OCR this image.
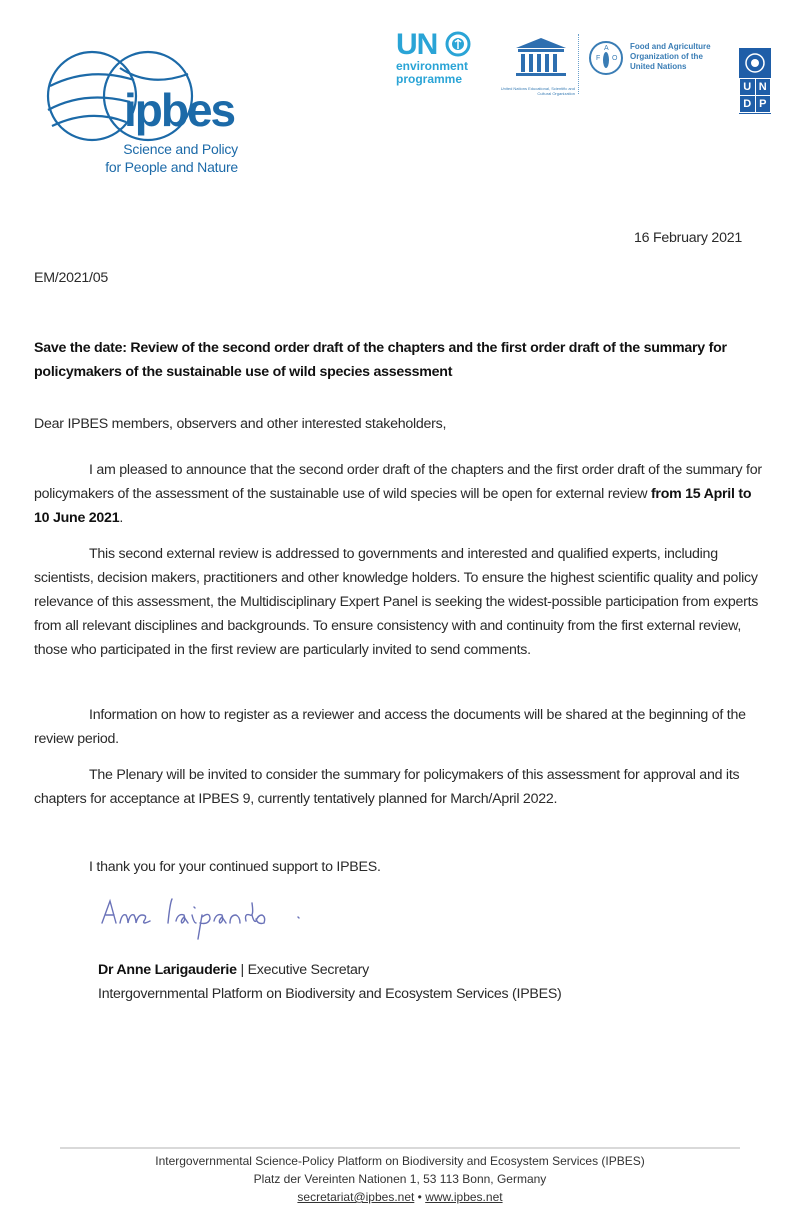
ipbes
Science and Policy
for People and Nature
UN
environment
programme
United Nations Educational, Scientific and Cultural Organization
F O
A	Food and Agriculture
Organization of the
United Nations
U N
D P
16 February 2021
EM/2021/05
Save the date: Review of the second order draft of the chapters and the first order draft of the summary for policymakers of the sustainable use of wild species assessment
Dear IPBES members, observers and other interested stakeholders,
I am pleased to announce that the second order draft of the chapters and the first order draft of the summary for policymakers of the assessment of the sustainable use of wild species will be open for external review from 15 April to 10 June 2021.
This second external review is addressed to governments and interested and qualified experts, including scientists, decision makers, practitioners and other knowledge holders. To ensure the highest scientific quality and policy relevance of this assessment, the Multidisciplinary Expert Panel is seeking the widest-possible participation from experts from all relevant disciplines and backgrounds. To ensure consistency with and continuity from the first external review, those who participated in the first review are particularly invited to send comments.
Information on how to register as a reviewer and access the documents will be shared at the beginning of the review period.
The Plenary will be invited to consider the summary for policymakers of this assessment for approval and its chapters for acceptance at IPBES 9, currently tentatively planned for March/April 2022.
I thank you for your continued support to IPBES.
Dr Anne Larigauderie | Executive Secretary
Intergovernmental Platform on Biodiversity and Ecosystem Services (IPBES)
Intergovernmental Science-Policy Platform on Biodiversity and Ecosystem Services (IPBES)
Platz der Vereinten Nationen 1, 53 113 Bonn, Germany
secretariat@ipbes.net • www.ipbes.net
